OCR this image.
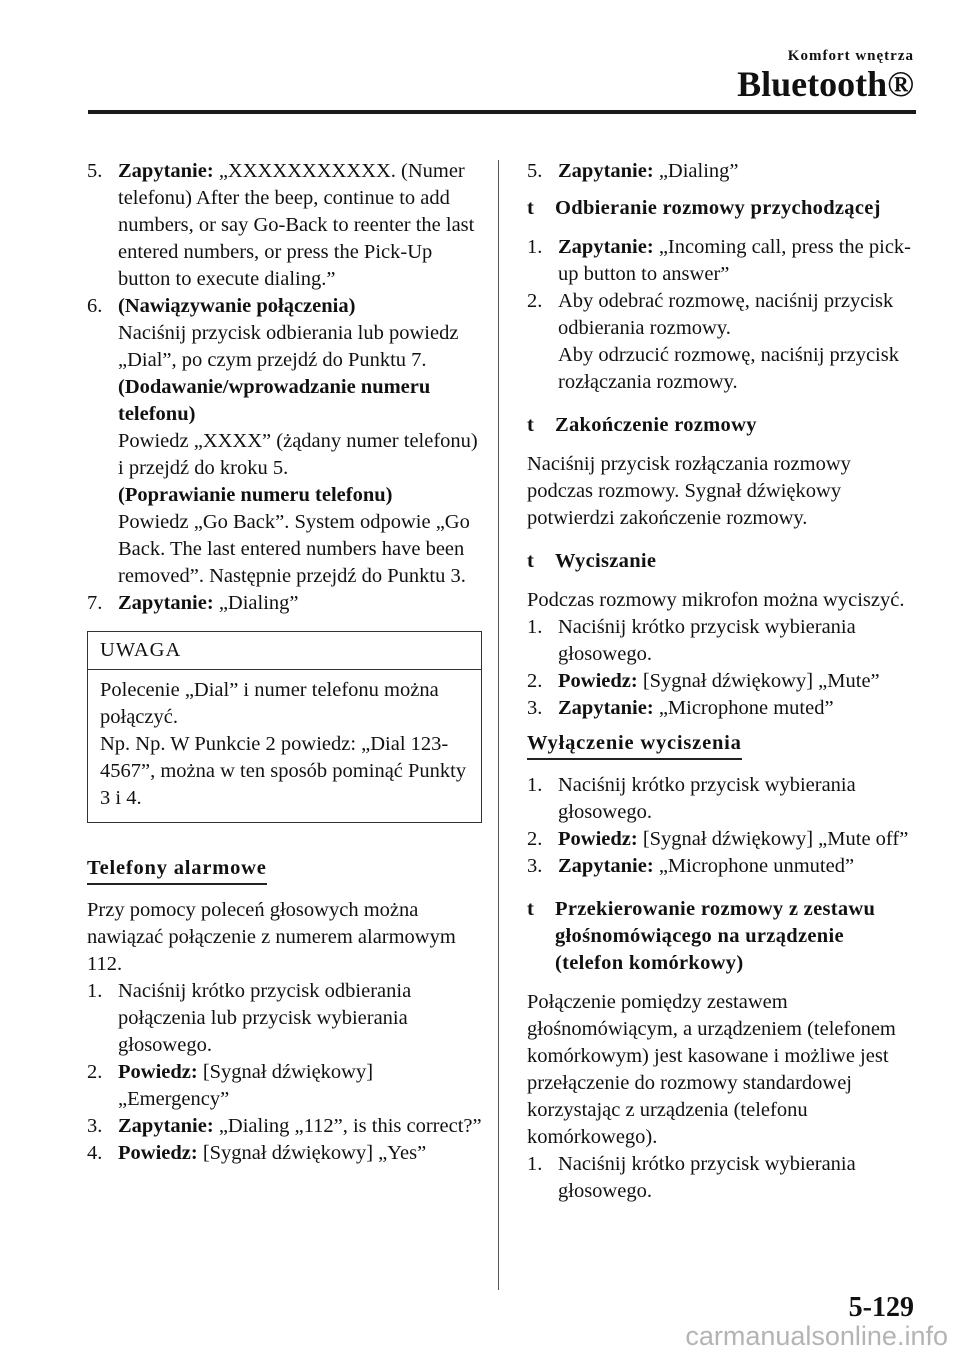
Komfort wnętrza
Bluetooth®
5. Zapytanie: „XXXXXXXXXXX. (Numer telefonu) After the beep, continue to add numbers, or say Go-Back to reenter the last entered numbers, or press the Pick-Up button to execute dialing.”
6. (Nawiązywanie połączenia)
Naciśnij przycisk odbierania lub powiedz „Dial”, po czym przejdź do Punktu 7.
(Dodawanie/wprowadzanie numeru telefonu)
Powiedz „XXXX” (żądany numer telefonu) i przejdź do kroku 5.
(Poprawianie numeru telefonu)
Powiedz „Go Back”. System odpowie „Go Back. The last entered numbers have been removed”. Następnie przejdź do Punktu 3.
7. Zapytanie: „Dialing”
UWAGA
Polecenie „Dial” i numer telefonu można połączyć.
Np. Np. W Punkcie 2 powiedz: „Dial 123-4567”, można w ten sposób pominąć Punkty 3 i 4.
Telefony alarmowe
Przy pomocy poleceń głosowych można nawiązać połączenie z numerem alarmowym 112.
1. Naciśnij krótko przycisk odbierania połączenia lub przycisk wybierania głosowego.
2. Powiedz: [Sygnał dźwiękowy] „Emergency”
3. Zapytanie: „Dialing „112”, is this correct?”
4. Powiedz: [Sygnał dźwiękowy] „Yes”
5. Zapytanie: „Dialing”
t Odbieranie rozmowy przychodzącej
1. Zapytanie: „Incoming call, press the pick-up button to answer”
2. Aby odebrać rozmowę, naciśnij przycisk odbierania rozmowy.
Aby odrzucić rozmowę, naciśnij przycisk rozłączania rozmowy.
t Zakończenie rozmowy
Naciśnij przycisk rozłączania rozmowy podczas rozmowy. Sygnał dźwiękowy potwierdzi zakończenie rozmowy.
t Wyciszanie
Podczas rozmowy mikrofon można wyciszyć.
1. Naciśnij krótko przycisk wybierania głosowego.
2. Powiedz: [Sygnał dźwiękowy] „Mute”
3. Zapytanie: „Microphone muted”
Wyłączenie wyciszenia
1. Naciśnij krótko przycisk wybierania głosowego.
2. Powiedz: [Sygnał dźwiękowy] „Mute off”
3. Zapytanie: „Microphone unmuted”
t Przekierowanie rozmowy z zestawu głośnomówiącego na urządzenie (telefon komórkowy)
Połączenie pomiędzy zestawem głośnomówiącym, a urządzeniem (telefonem komórkowym) jest kasowane i możliwe jest przełączenie do rozmowy standardowej korzystając z urządzenia (telefonu komórkowego).
1. Naciśnij krótko przycisk wybierania głosowego.
5-129
carmanualsonline.info
